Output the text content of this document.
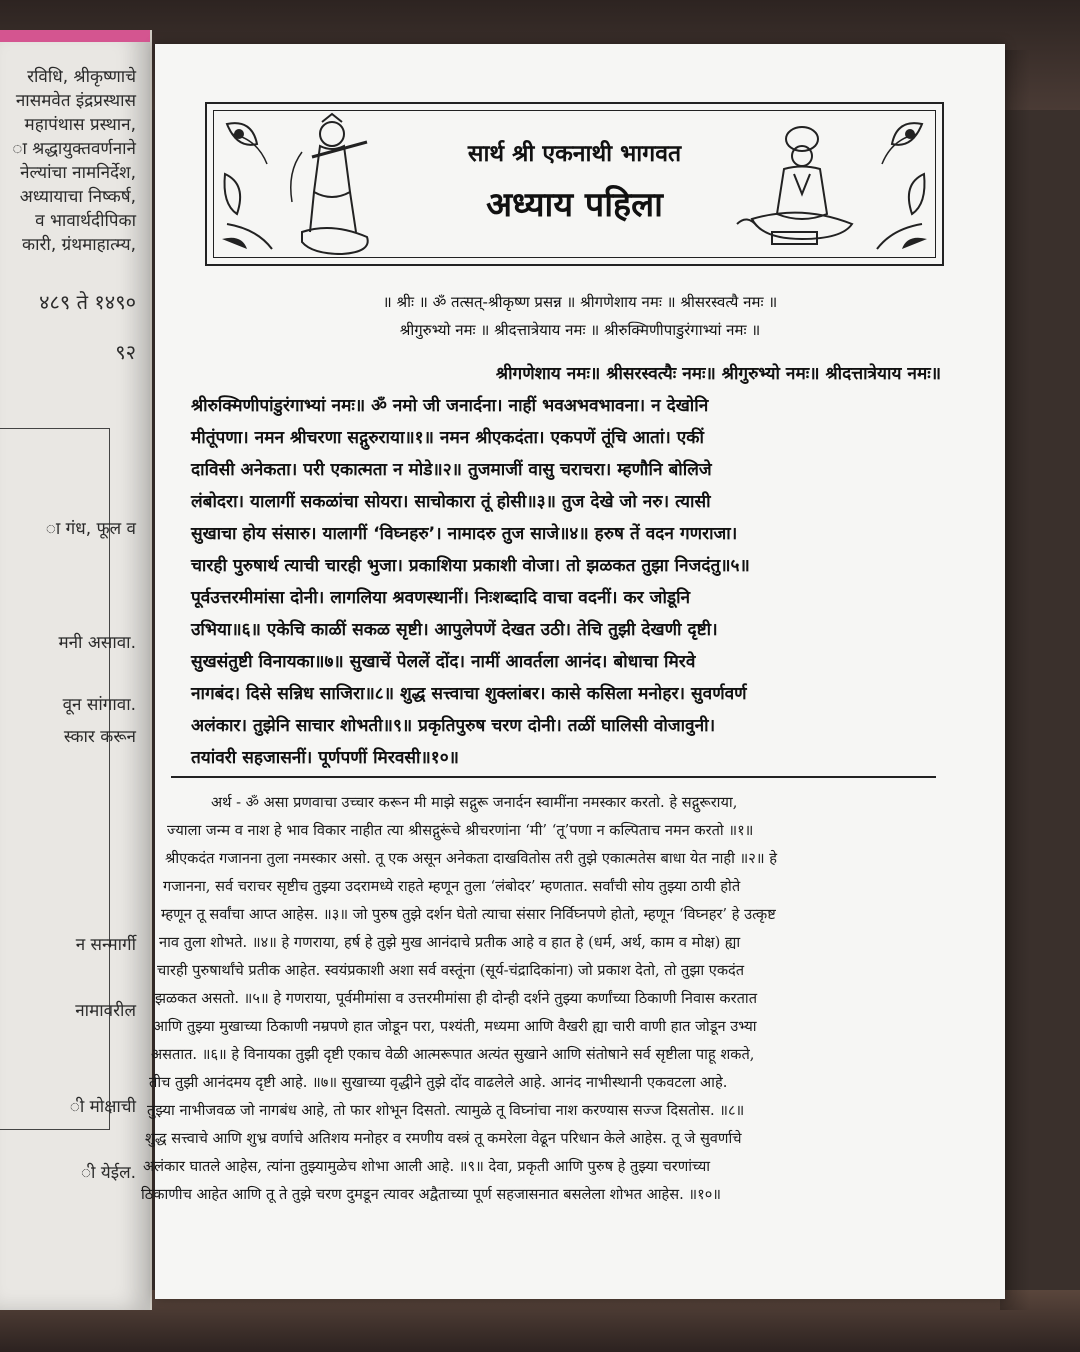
रविधि, श्रीकृष्णाचे
नासमवेत इंद्रप्रस्थास
महापंथास प्रस्थान,
ा श्रद्धायुक्तवर्णनाने
नेल्यांचा नामनिर्देश,
अध्यायाचा निष्कर्ष,
व भावार्थदीपिका
कारी, ग्रंथमाहात्म्य,
४८९ ते १४९०
९२
ा गंध, फूल व
मनी असावा.
वून सांगावा.
स्कार करून
न सन्मार्गी
नामावरील
ी मोक्षाची
ी येईल.
सार्थ श्री एकनाथी भागवत
अध्याय पहिला
॥ श्रीः ॥ ॐ तत्सत्-श्रीकृष्ण प्रसन्न ॥ श्रीगणेशाय नमः ॥ श्रीसरस्वत्यै नमः ॥
श्रीगुरुभ्यो नमः ॥ श्रीदत्तात्रेयाय नमः ॥ श्रीरुक्मिणीपाडुरंगाभ्यां नमः ॥
श्रीगणेशाय नमः॥ श्रीसरस्वत्यैः नमः॥ श्रीगुरुभ्यो नमः॥ श्रीदत्तात्रेयाय नमः॥
श्रीरुक्मिणीपांडुरंगाभ्यां नमः॥ ॐ नमो जी जनार्दना। नाहीं भवअभवभावना। न देखोनि
मीतूंपणा। नमन श्रीचरणा सद्गुरुराया॥१॥ नमन श्रीएकदंता। एकपणें तूंचि आतां। एकीं
दाविसी अनेकता। परी एकात्मता न मोडे॥२॥ तुजमाजीं वासु चराचरा। म्हणौनि बोलिजे
लंबोदरा। यालागीं सकळांचा सोयरा। साचोकारा तूं होसी॥३॥ तुज देखे जो नरु। त्यासी
सुखाचा होय संसारु। यालागीं ‘विघ्नहरु’। नामादरु तुज साजे॥४॥ हरुष तें वदन गणराजा।
चारही पुरुषार्थ त्याची चारही भुजा। प्रकाशिया प्रकाशी वोजा। तो झळकत तुझा निजदंतु॥५॥
पूर्वउत्तरमीमांसा दोनी। लागलिया श्रवणस्थानीं। निःशब्दादि वाचा वदनीं। कर जोडूनि
उभिया॥६॥ एकेचि काळीं सकळ सृष्टी। आपुलेपणें देखत उठी। तेचि तुझी देखणी दृष्टी।
सुखसंतुष्टी विनायका॥७॥ सुखाचें पेललें दोंद। नामीं आवर्तला आनंद। बोधाचा मिरवे
नागबंद। दिसे सन्निध साजिरा॥८॥ शुद्ध सत्त्वाचा शुक्लांबर। कासे कसिला मनोहर। सुवर्णवर्ण
अलंकार। तुझेनि साचार शोभती॥९॥ प्रकृतिपुरुष चरण दोनी। तळीं घालिसी वोजावुनी।
तयांवरी सहजासनीं। पूर्णपणीं मिरवसी॥१०॥
अर्थ - ॐ असा प्रणवाचा उच्चार करून मी माझे सद्गुरू जनार्दन स्वामींना नमस्कार करतो. हे सद्गुरूराया,
ज्याला जन्म व नाश हे भाव विकार नाहीत त्या श्रीसद्गुरूंचे श्रीचरणांना ‘मी’ ‘तू’पणा न कल्पिताच नमन करतो ॥१॥
श्रीएकदंत गजानना तुला नमस्कार असो. तू एक असून अनेकता दाखवितोस तरी तुझे एकात्मतेस बाधा येत नाही ॥२॥ हे
गजानना, सर्व चराचर सृष्टीच तुझ्या उदरामध्ये राहते म्हणून तुला ‘लंबोदर’ म्हणतात. सर्वांची सोय तुझ्या ठायी होते
म्हणून तू सर्वांचा आप्त आहेस. ॥३॥ जो पुरुष तुझे दर्शन घेतो त्याचा संसार निर्विघ्नपणे होतो, म्हणून ‘विघ्नहर’ हे उत्कृष्ट
नाव तुला शोभते. ॥४॥ हे गणराया, हर्ष हे तुझे मुख आनंदाचे प्रतीक आहे व हात हे (धर्म, अर्थ, काम व मोक्ष) ह्या
चारही पुरुषार्थांचे प्रतीक आहेत. स्वयंप्रकाशी अशा सर्व वस्तूंना (सूर्य-चंद्रादिकांना) जो प्रकाश देतो, तो तुझा एकदंत
झळकत असतो. ॥५॥ हे गणराया, पूर्वमीमांसा व उत्तरमीमांसा ही दोन्ही दर्शने तुझ्या कर्णांच्या ठिकाणी निवास करतात
आणि तुझ्या मुखाच्या ठिकाणी नम्रपणे हात जोडून परा, पश्यंती, मध्यमा आणि वैखरी ह्या चारी वाणी हात जोडून उभ्या
असतात. ॥६॥ हे विनायका तुझी दृष्टी एकाच वेळी आत्मरूपात अत्यंत सुखाने आणि संतोषाने सर्व सृष्टीला पाहू शकते,
तीच तुझी आनंदमय दृष्टी आहे. ॥७॥ सुखाच्या वृद्धीने तुझे दोंद वाढलेले आहे. आनंद नाभीस्थानी एकवटला आहे.
तुझ्या नाभीजवळ जो नागबंध आहे, तो फार शोभून दिसतो. त्यामुळे तू विघ्नांचा नाश करण्यास सज्ज दिसतोस. ॥८॥
शुद्ध सत्त्वाचे आणि शुभ्र वर्णाचे अतिशय मनोहर व रमणीय वस्त्रं तू कमरेला वेढून परिधान केले आहेस. तू जे सुवर्णाचे
अलंकार घातले आहेस, त्यांना तुझ्यामुळेच शोभा आली आहे. ॥९॥ देवा, प्रकृती आणि पुरुष हे तुझ्या चरणांच्या
ठिकाणीच आहेत आणि तू ते तुझे चरण दुमडून त्यावर अद्वैताच्या पूर्ण सहजासनात बसलेला शोभत आहेस. ॥१०॥
